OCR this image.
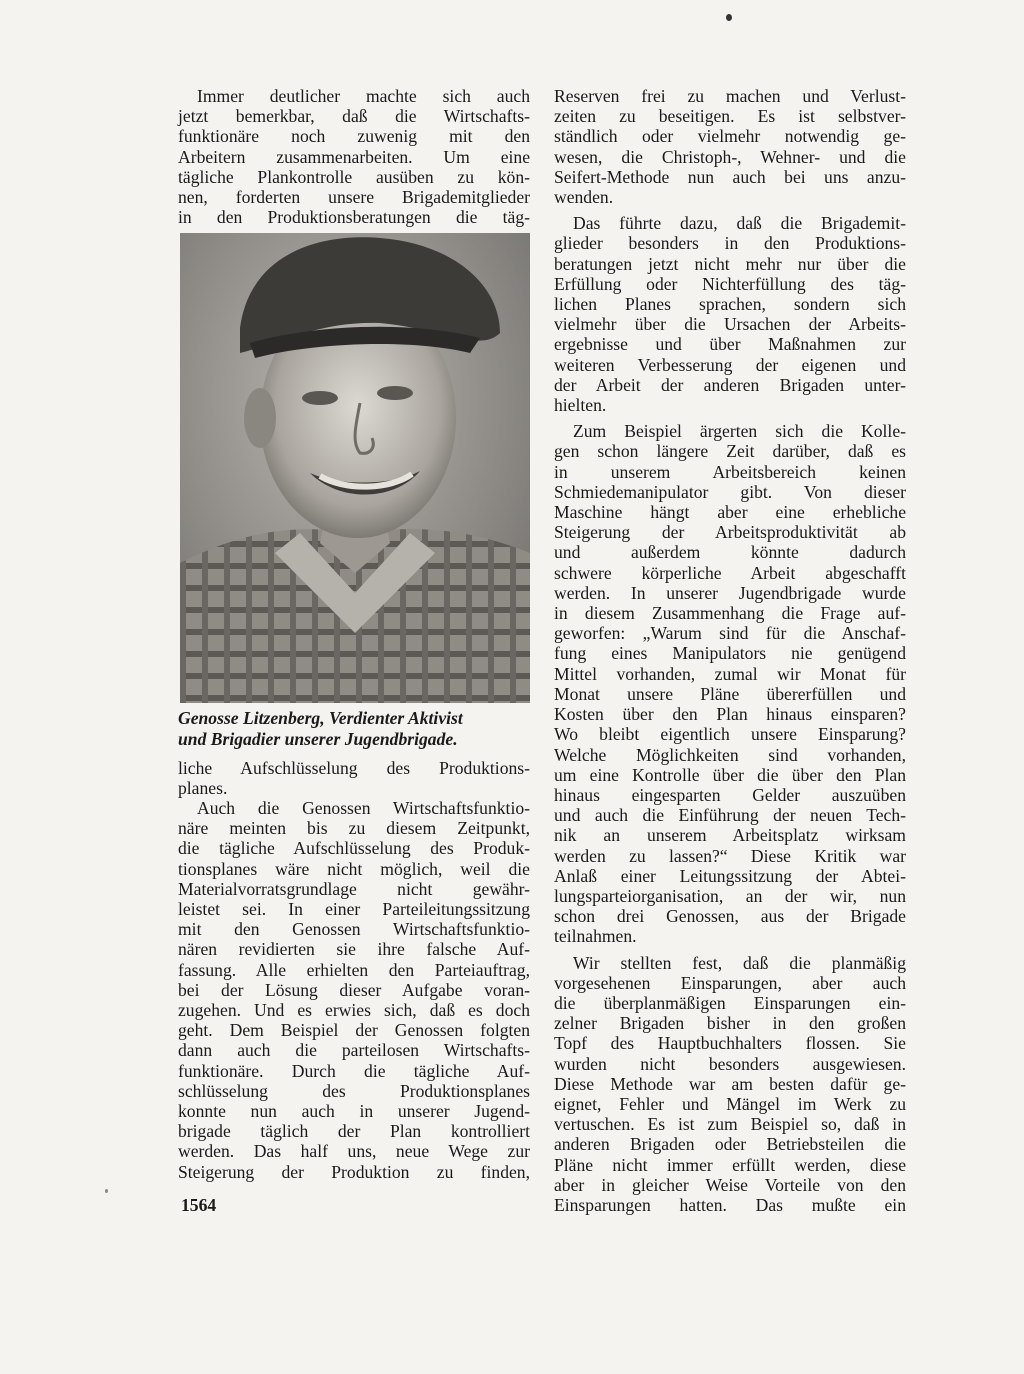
Immer deutlicher machte sich auch
jetzt bemerkbar, daß die Wirtschafts-
funktionäre noch zuwenig mit den
Arbeitern zusammenarbeiten. Um eine
tägliche Plankontrolle ausüben zu kön-
nen, forderten unsere Brigademitglieder
in den Produktionsberatungen die täg-
Genosse Litzenberg, Verdienter Aktivist
und Brigadier unserer Jugendbrigade.
liche Aufschlüsselung des Produktions-
planes.
Auch die Genossen Wirtschaftsfunktio-
näre meinten bis zu diesem Zeitpunkt,
die tägliche Aufschlüsselung des Produk-
tionsplanes wäre nicht möglich, weil die
Materialvorratsgrundlage nicht gewähr-
leistet sei. In einer Parteileitungssitzung
mit den Genossen Wirtschaftsfunktio-
nären revidierten sie ihre falsche Auf-
fassung. Alle erhielten den Parteiauftrag,
bei der Lösung dieser Aufgabe voran-
zugehen. Und es erwies sich, daß es doch
geht. Dem Beispiel der Genossen folgten
dann auch die parteilosen Wirtschafts-
funktionäre. Durch die tägliche Auf-
schlüsselung des Produktionsplanes
konnte nun auch in unserer Jugend-
brigade täglich der Plan kontrolliert
werden. Das half uns, neue Wege zur
Steigerung der Produktion zu finden,
Reserven frei zu machen und Verlust-
zeiten zu beseitigen. Es ist selbstver-
ständlich oder vielmehr notwendig ge-
wesen, die Christoph-, Wehner- und die
Seifert-Methode nun auch bei uns anzu-
wenden.
Das führte dazu, daß die Brigademit-
glieder besonders in den Produktions-
beratungen jetzt nicht mehr nur über die
Erfüllung oder Nichterfüllung des täg-
lichen Planes sprachen, sondern sich
vielmehr über die Ursachen der Arbeits-
ergebnisse und über Maßnahmen zur
weiteren Verbesserung der eigenen und
der Arbeit der anderen Brigaden unter-
hielten.
Zum Beispiel ärgerten sich die Kolle-
gen schon längere Zeit darüber, daß es
in unserem Arbeitsbereich keinen
Schmiedemanipulator gibt. Von dieser
Maschine hängt aber eine erhebliche
Steigerung der Arbeitsproduktivität ab
und außerdem könnte dadurch
schwere körperliche Arbeit abgeschafft
werden. In unserer Jugendbrigade wurde
in diesem Zusammenhang die Frage auf-
geworfen: „Warum sind für die Anschaf-
fung eines Manipulators nie genügend
Mittel vorhanden, zumal wir Monat für
Monat unsere Pläne übererfüllen und
Kosten über den Plan hinaus einsparen?
Wo bleibt eigentlich unsere Einsparung?
Welche Möglichkeiten sind vorhanden,
um eine Kontrolle über die über den Plan
hinaus eingesparten Gelder auszuüben
und auch die Einführung der neuen Tech-
nik an unserem Arbeitsplatz wirksam
werden zu lassen?“ Diese Kritik war
Anlaß einer Leitungssitzung der Abtei-
lungsparteiorganisation, an der wir, nun
schon drei Genossen, aus der Brigade
teilnahmen.
Wir stellten fest, daß die planmäßig
vorgesehenen Einsparungen, aber auch
die überplanmäßigen Einsparungen ein-
zelner Brigaden bisher in den großen
Topf des Hauptbuchhalters flossen. Sie
wurden nicht besonders ausgewiesen.
Diese Methode war am besten dafür ge-
eignet, Fehler und Mängel im Werk zu
vertuschen. Es ist zum Beispiel so, daß in
anderen Brigaden oder Betriebsteilen die
Pläne nicht immer erfüllt werden, diese
aber in gleicher Weise Vorteile von den
Einsparungen hatten. Das mußte ein
1564
